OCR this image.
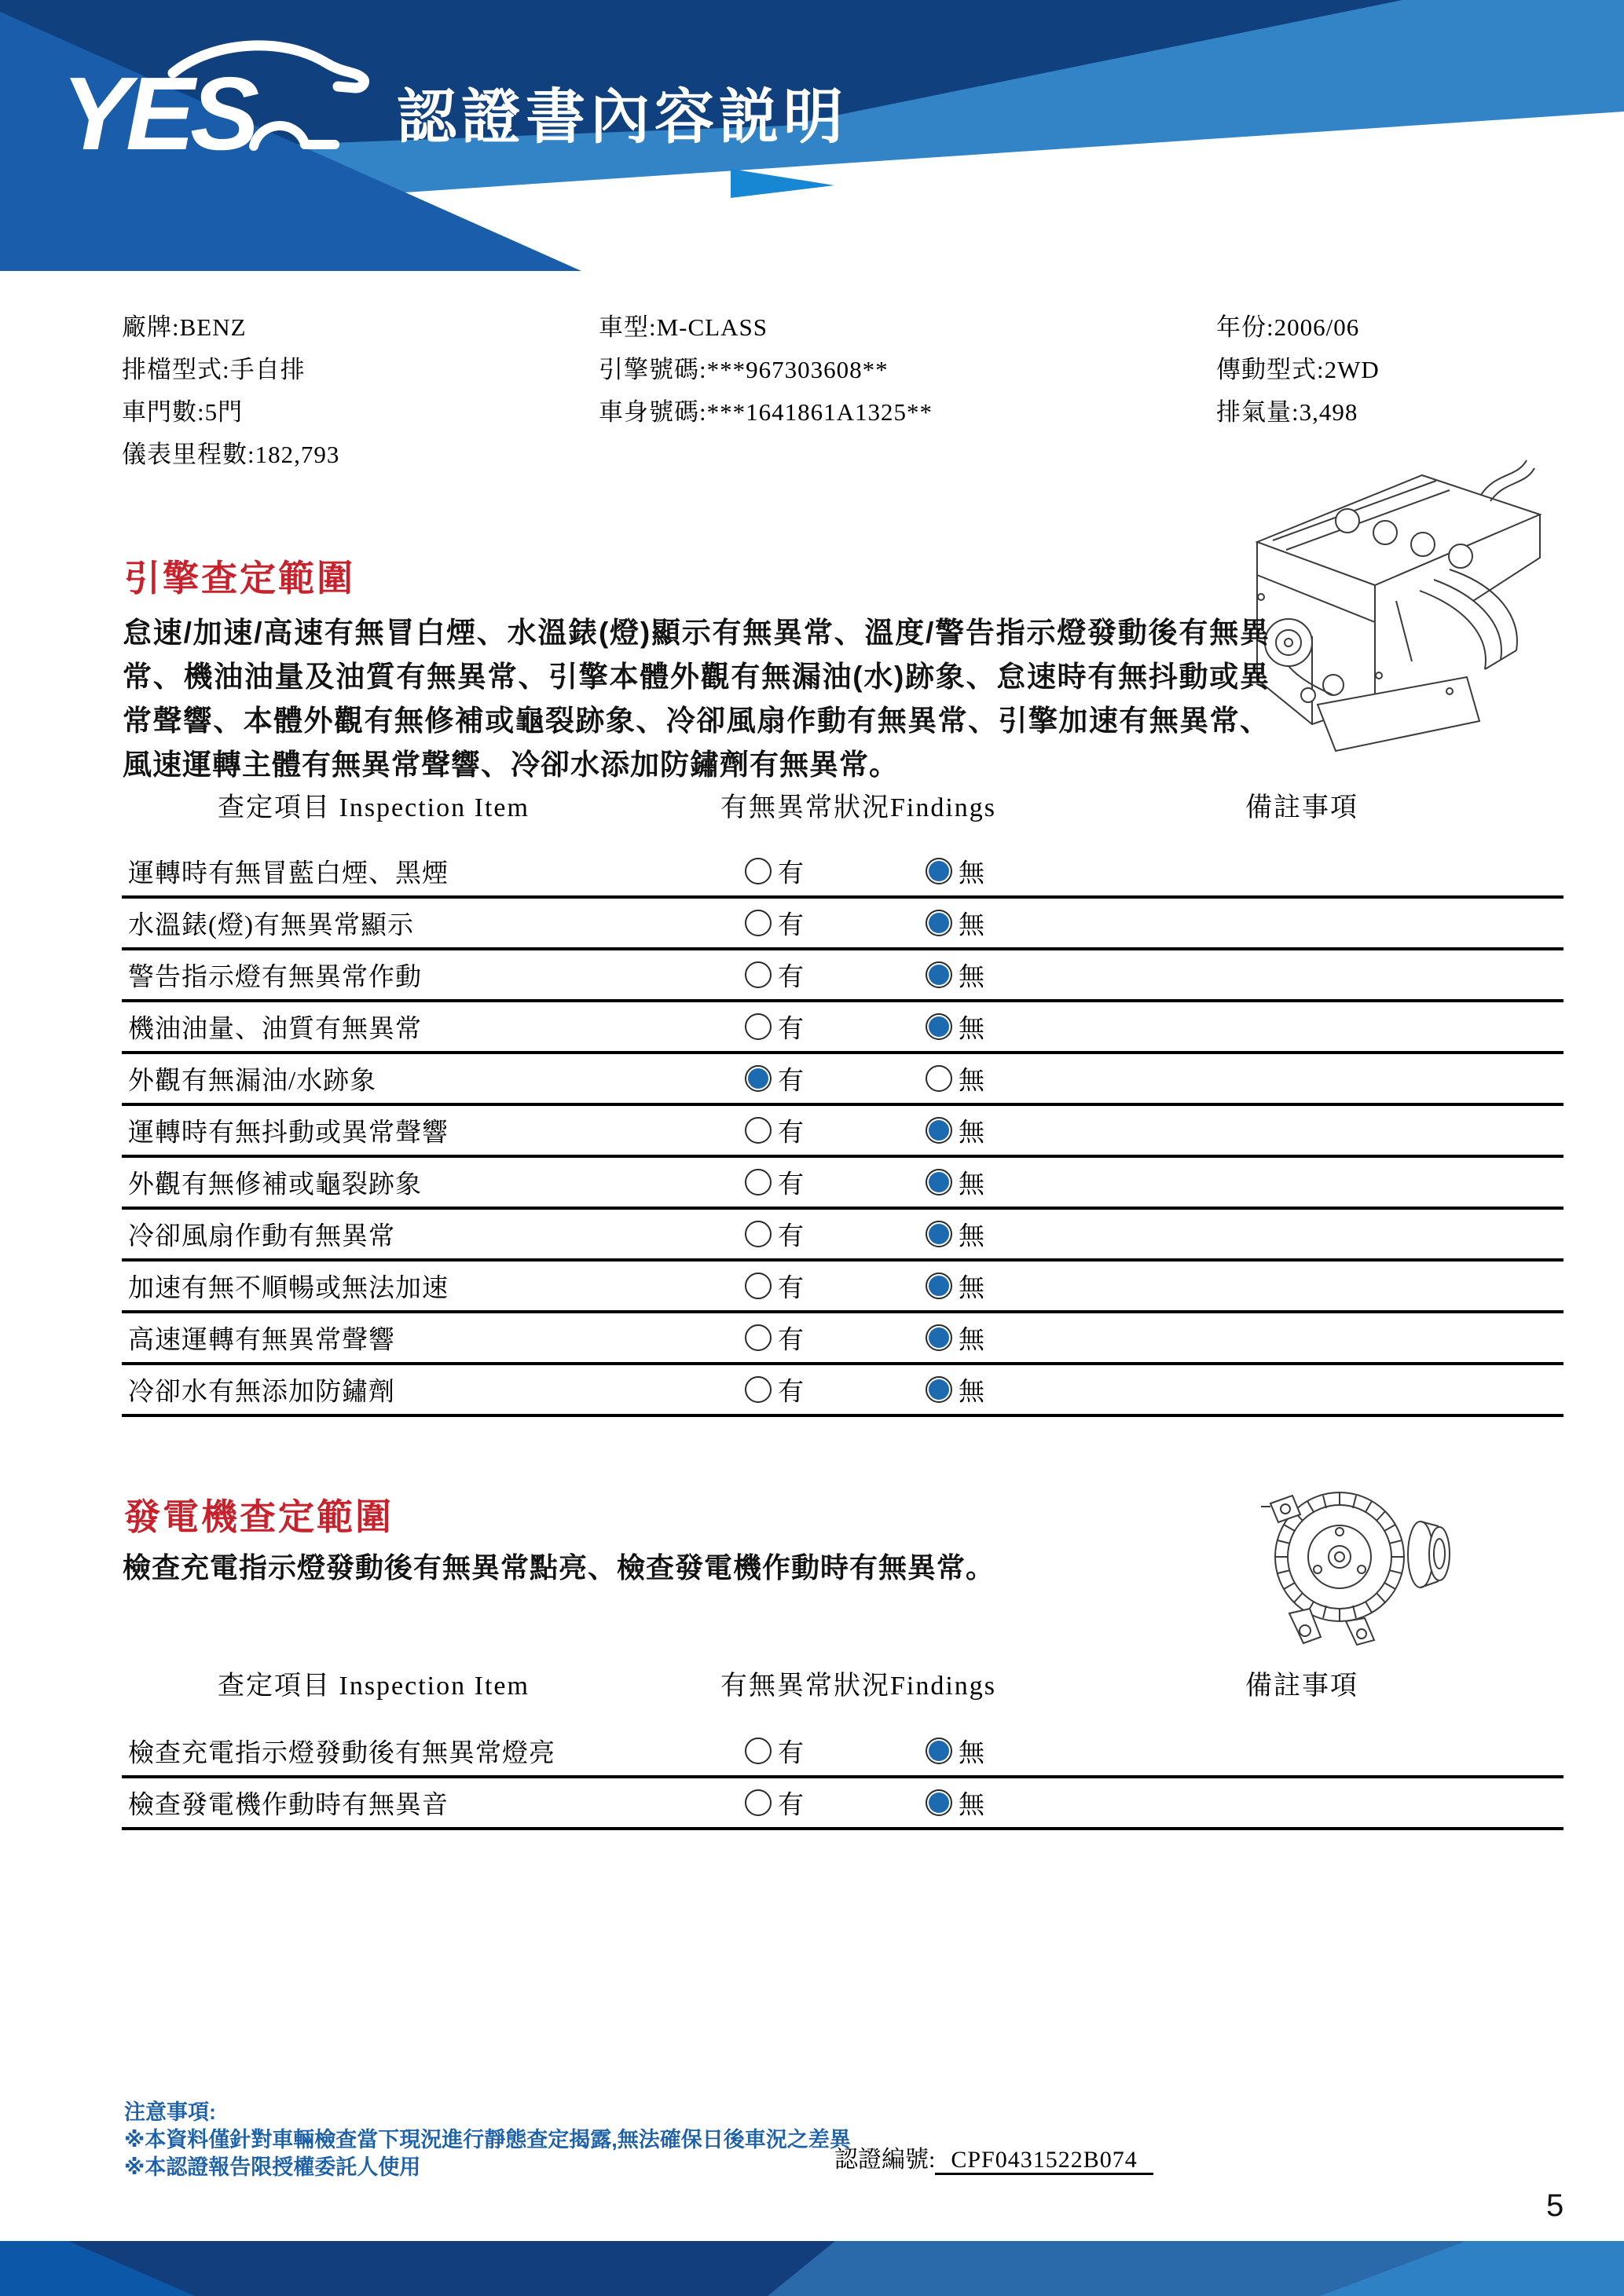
YES 認證書內容説明
廠牌:BENZ
排檔型式:手自排
車門數:5門
儀表里程數:182,793
車型:M-CLASS
引擎號碼:***967303608**
車身號碼:***1641861A1325**
年份:2006/06
傳動型式:2WD
排氣量:3,498
引擎查定範圍
怠速/加速/高速有無冒白煙、水溫錶(燈)顯示有無異常、溫度/警告指示燈發動後有無異常、機油油量及油質有無異常、引擎本體外觀有無漏油(水)跡象、怠速時有無抖動或異常聲響、本體外觀有無修補或龜裂跡象、冷卻風扇作動有無異常、引擎加速有無異常、風速運轉主體有無異常聲響、冷卻水添加防鏽劑有無異常。
查定項目 Inspection Item	有無異常狀況Findings	備註事項
運轉時有無冒藍白煙、黑煙	有	無
水溫錶(燈)有無異常顯示	有	無
警告指示燈有無異常作動	有	無
機油油量、油質有無異常	有	無
外觀有無漏油/水跡象	有	無
運轉時有無抖動或異常聲響	有	無
外觀有無修補或龜裂跡象	有	無
冷卻風扇作動有無異常	有	無
加速有無不順暢或無法加速	有	無
高速運轉有無異常聲響	有	無
冷卻水有無添加防鏽劑	有	無
發電機查定範圍
檢查充電指示燈發動後有無異常點亮、檢查發電機作動時有無異常。
查定項目 Inspection Item	有無異常狀況Findings	備註事項
檢查充電指示燈發動後有無異常燈亮	有	無
檢查發電機作動時有無異音	有	無
注意事項:
※本資料僅針對車輛檢查當下現況進行靜態查定揭露,無法確保日後車況之差異
※本認證報告限授權委託人使用	認證編號: CPF0431522B074
5
